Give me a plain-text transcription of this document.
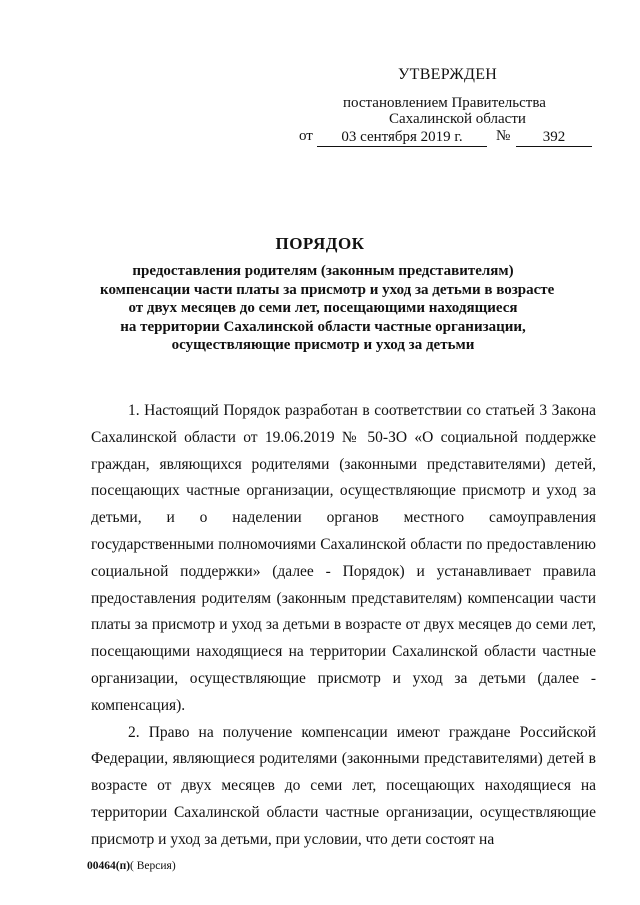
УТВЕРЖДЕН
постановлением Правительства
Сахалинской области
от	03 сентября 2019 г.	№	392
ПОРЯДОК
предоставления родителям (законным представителям)
компенсации части платы за присмотр и уход за детьми в возрасте
от двух месяцев до семи лет, посещающими находящиеся
на территории Сахалинской области частные организации,
осуществляющие присмотр и уход за детьми

1. Настоящий Порядок разработан в соответствии со статьей 3 Закона Сахалинской области от 19.06.2019 № 50-ЗО «О социальной поддержке граждан, являющихся родителями (законными представителями) детей, посещающих частные организации, осуществляющие присмотр и уход за детьми, и о наделении органов местного самоуправления государственными полномочиями Сахалинской области по предоставлению социальной поддержки» (далее - Порядок) и устанавливает правила предоставления родителям (законным представителям) компенсации части платы за присмотр и уход за детьми в возрасте от двух месяцев до семи лет, посещающими находящиеся на территории Сахалинской области частные организации, осуществляющие присмотр и уход за детьми (далее - компенсация).

2. Право на получение компенсации имеют граждане Российской Федерации, являющиеся родителями (законными представителями) детей в возрасте от двух месяцев до семи лет, посещающих находящиеся на территории Сахалинской области частные организации, осуществляющие присмотр и уход за детьми, при условии, что дети состоят на

00464(п)( Версия)
